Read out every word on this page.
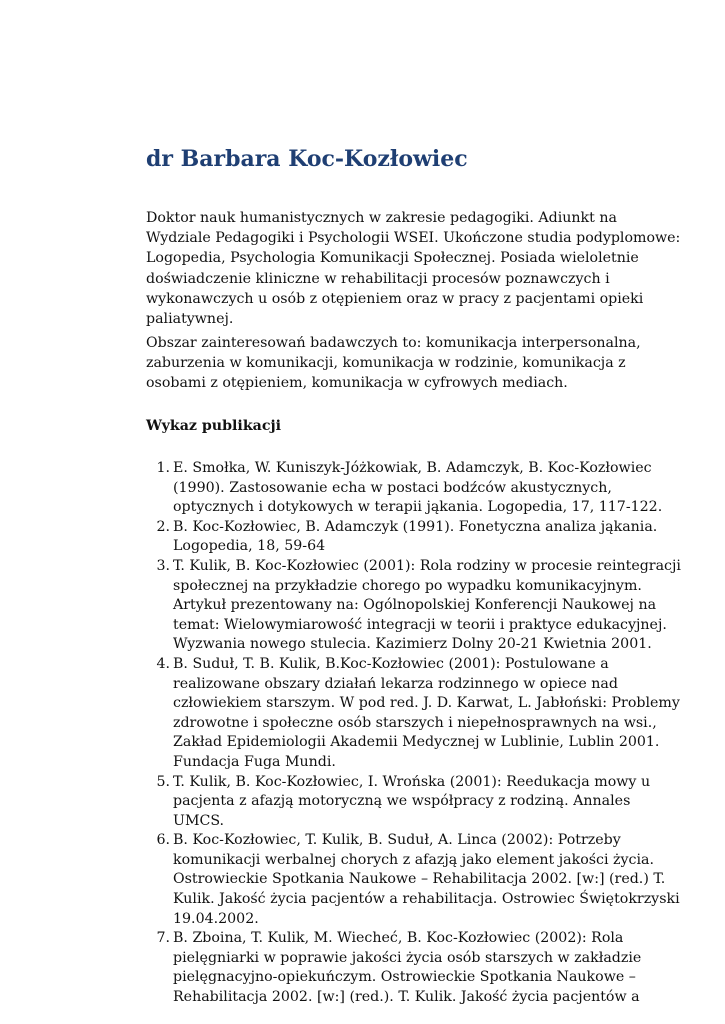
dr Barbara Koc-Kozłowiec

Doktor nauk humanistycznych w zakresie pedagogiki. Adiunkt na Wydziale Pedagogiki i Psychologii WSEI. Ukończone studia podyplomowe: Logopedia, Psychologia Komunikacji Społecznej. Posiada wieloletnie doświadczenie kliniczne w rehabilitacji procesów poznawczych i wykonawczych u osób z otępieniem oraz w pracy z pacjentami opieki paliatywnej.

Obszar zainteresowań badawczych to: komunikacja interpersonalna, zaburzenia w komunikacji, komunikacja w rodzinie, komunikacja z osobami z otępieniem, komunikacja w cyfrowych mediach.

Wykaz publikacji
1. E. Smołka, W. Kuniszyk-Jóżkowiak, B. Adamczyk, B. Koc-Kozłowiec (1990). Zastosowanie echa w postaci bodźców akustycznych, optycznych i dotykowych w terapii jąkania. Logopedia, 17, 117-122.
2. B. Koc-Kozłowiec, B. Adamczyk (1991). Fonetyczna analiza jąkania. Logopedia, 18, 59-64
3. T. Kulik, B. Koc-Kozłowiec (2001): Rola rodziny w procesie reintegracji społecznej na przykładzie chorego po wypadku komunikacyjnym. Artykuł prezentowany na: Ogólnopolskiej Konferencji Naukowej na temat: Wielowymiarowość integracji w teorii i praktyce edukacyjnej. Wyzwania nowego stulecia. Kazimierz Dolny 20-21 Kwietnia 2001.
4. B. Suduł, T. B. Kulik, B.Koc-Kozłowiec (2001): Postulowane a realizowane obszary działań lekarza rodzinnego w opiece nad człowiekiem starszym. W pod red. J. D. Karwat, L. Jabłoński: Problemy zdrowotne i społeczne osób starszych i niepełnosprawnych na wsi., Zakład Epidemiologii Akademii Medycznej w Lublinie, Lublin 2001. Fundacja Fuga Mundi.
5. T. Kulik, B. Koc-Kozłowiec, I. Wrońska (2001): Reedukacja mowy u pacjenta z afazją motoryczną we współpracy z rodziną. Annales UMCS.
6. B. Koc-Kozłowiec, T. Kulik, B. Suduł, A. Linca (2002): Potrzeby komunikacji werbalnej chorych z afazją jako element jakości życia. Ostrowieckie Spotkania Naukowe – Rehabilitacja 2002. [w:] (red.) T. Kulik. Jakość życia pacjentów a rehabilitacja. Ostrowiec Świętokrzyski 19.04.2002.
7. B. Zboina, T. Kulik, M. Wiecheć, B. Koc-Kozłowiec (2002): Rola pielęgniarki w poprawie jakości życia osób starszych w zakładzie pielęgnacyjno-opiekuńczym. Ostrowieckie Spotkania Naukowe –Rehabilitacja 2002. [w:] (red.). T. Kulik. Jakość życia pacjentów a
